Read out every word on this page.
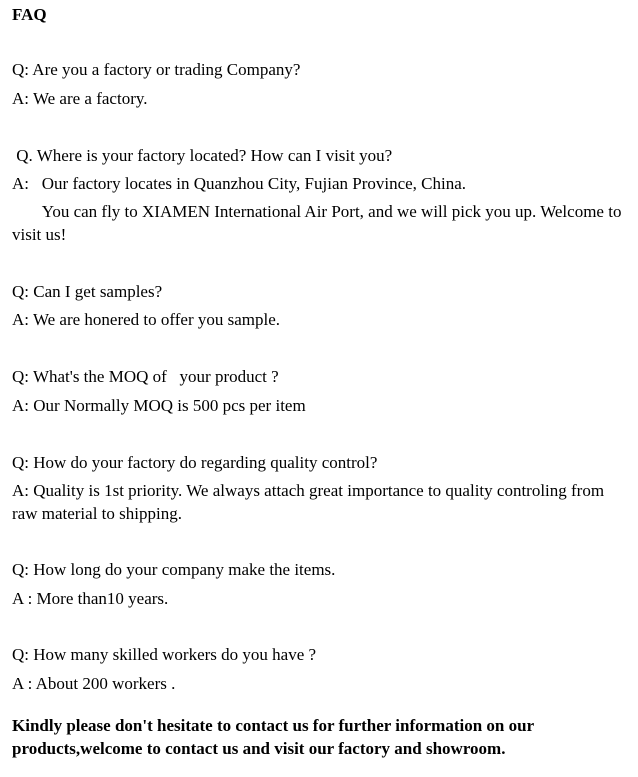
FAQ

Q: Are you a factory or trading Company?

A: We are a factory.

Q. Where is your factory located? How can I visit you?

A:   Our factory locates in Quanzhou City, Fujian Province, China.

You can fly to XIAMEN International Air Port, and we will pick you up. Welcome to visit us!

Q: Can I get samples?

A: We are honered to offer you sample.

Q: What's the MOQ of   your product ?

A: Our Normally MOQ is 500 pcs per item

Q: How do your factory do regarding quality control?

A: Quality is 1st priority. We always attach great importance to quality controling from raw material to shipping.

Q: How long do your company make the items.

A : More than10 years.

Q: How many skilled workers do you have ?

A : About 200 workers .

Kindly please don't hesitate to contact us for further information on our products,welcome to contact us and visit our factory and showroom.
